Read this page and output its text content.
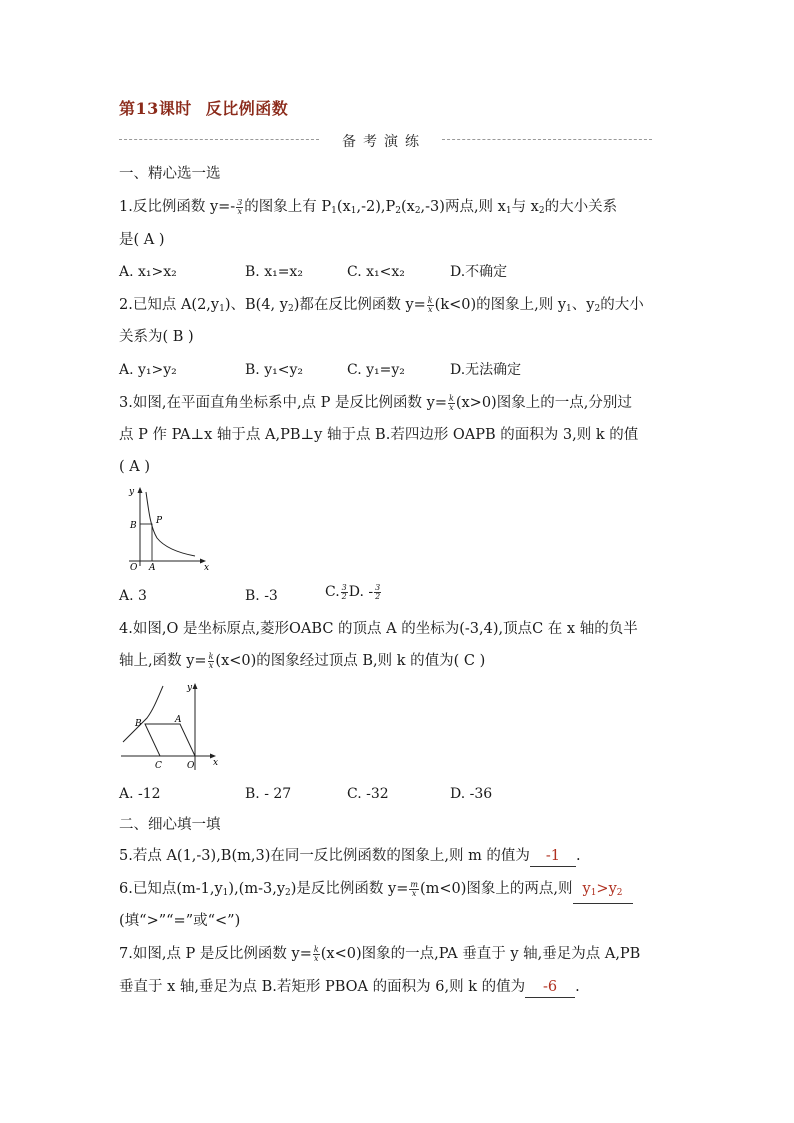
第13课时 反比例函数
备考演练
一、精心选一选
1.反比例函数 $y=- \frac{3}{x}$ 的图象上有 $P_1(x_1,-2),P_2(x_2,-3)$两点,则 $x_1$与 $x_2$的大小关系
是( A )
A. x₁>x₂	B. x₁=x₂	C. x₁<x₂	D.不确定
2.已知点 $A(2,y_1)$、B(4, $y_2$)都在反比例函数 $y= \frac{k}{x} (k<0)$的图象上,则 $y_1$、$y_2$的大小
关系为( B )
A. y₁>y₂	B. y₁<y₂	C. y₁=y₂	D.无法确定
3.如图,在平面直角坐标系中,点 P 是反比例函数 $y= \frac{k}{x} (x>0)$图象上的一点,分别过
点 P 作 PA⊥x 轴于点 A,PB⊥y 轴于点 B.若四边形 OAPB 的面积为 3,则 k 的值
( A )
y
x
B P
O A
A. 3	B. -3	C. $\frac{3}{2} D$. - $\frac{3}{2}$
4.如图,O 是坐标原点,菱形OABC 的顶点 A 的坐标为(-3,4),顶点C 在 x 轴的负半
轴上,函数 $y= \frac{k}{x} (x<0)$的图象经过顶点 B,则 k 的值为( C )
y
x
B	A
C	O
A. -12	B. - 27	C. -32	D. -36
二、细心填一填
5.若点 A(1,-3),B(m,3)在同一反比例函数的图象上,则 m 的值为 -1 .
6.已知点$(m-1,y_1),(m-3,y_2)$是反比例函数 $y= \frac{m}{x} (m<0)$图象上的两点,则 $y_1>y_2$
(填“>”“=”或“<”)
7.如图,点 P 是反比例函数 $y= \frac{k}{x} (x<0)$图象的一点,PA 垂直于 y 轴,垂足为点 A,PB
垂直于 x 轴,垂足为点 B.若矩形 PBOA 的面积为 6,则 k 的值为 -6 .
